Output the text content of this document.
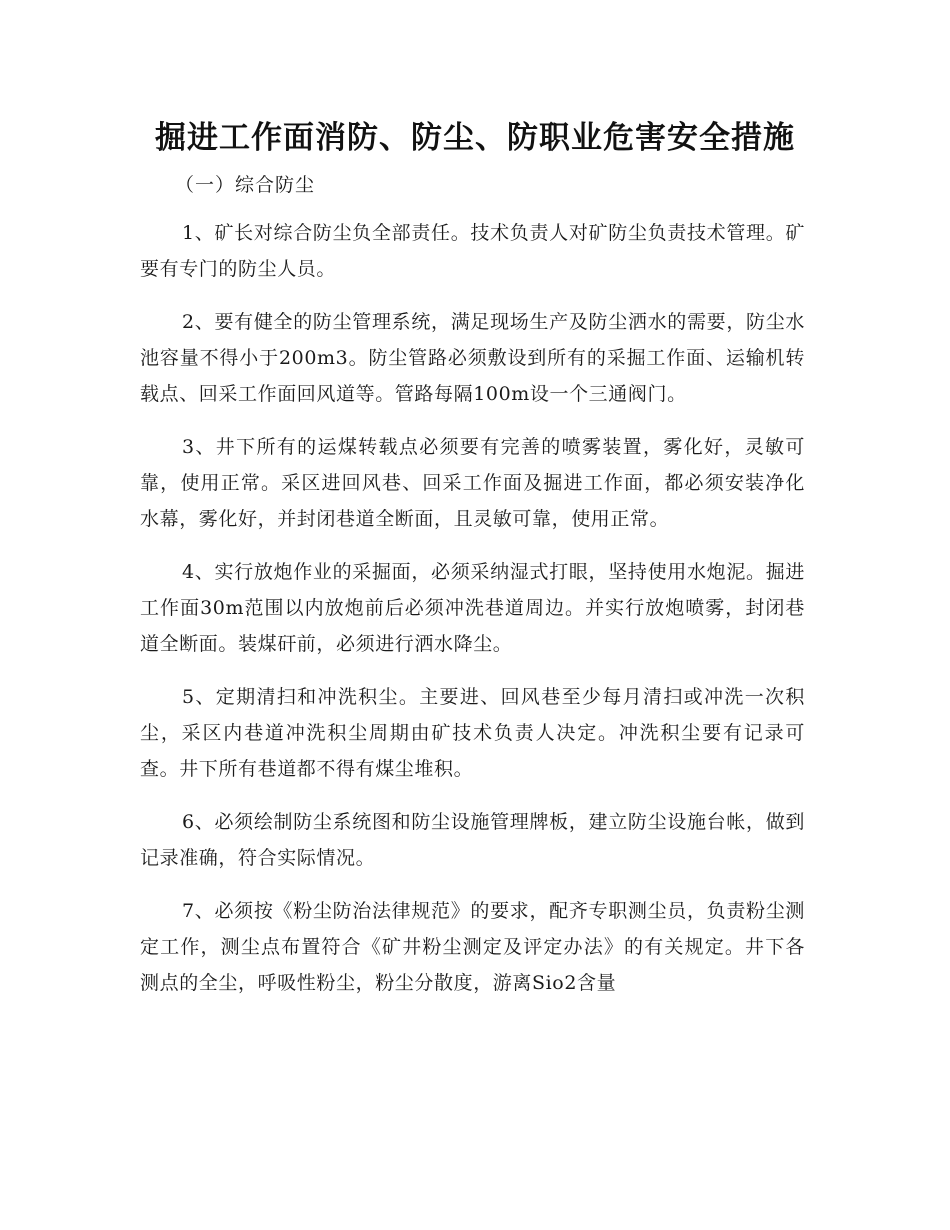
掘进工作面消防、防尘、防职业危害安全措施

（一）综合防尘

1、矿长对综合防尘负全部责任。技术负责人对矿防尘负责技术管理。矿要有专门的防尘人员。

2、要有健全的防尘管理系统，满足现场生产及防尘洒水的需要，防尘水池容量不得小于200m3。防尘管路必须敷设到所有的采掘工作面、运输机转载点、回采工作面回风道等。管路每隔100m设一个三通阀门。

3、井下所有的运煤转载点必须要有完善的喷雾装置，雾化好，灵敏可靠，使用正常。采区进回风巷、回采工作面及掘进工作面，都必须安装净化水幕，雾化好，并封闭巷道全断面，且灵敏可靠，使用正常。

4、实行放炮作业的采掘面，必须采纳湿式打眼，坚持使用水炮泥。掘进工作面30m范围以内放炮前后必须冲洗巷道周边。并实行放炮喷雾，封闭巷道全断面。装煤矸前，必须进行洒水降尘。

5、定期清扫和冲洗积尘。主要进、回风巷至少每月清扫或冲洗一次积尘，采区内巷道冲洗积尘周期由矿技术负责人决定。冲洗积尘要有记录可查。井下所有巷道都不得有煤尘堆积。

6、必须绘制防尘系统图和防尘设施管理牌板，建立防尘设施台帐，做到记录准确，符合实际情况。

7、必须按《粉尘防治法律规范》的要求，配齐专职测尘员，负责粉尘测定工作，测尘点布置符合《矿井粉尘测定及评定办法》的有关规定。井下各测点的全尘，呼吸性粉尘，粉尘分散度，游离Sio2含量
